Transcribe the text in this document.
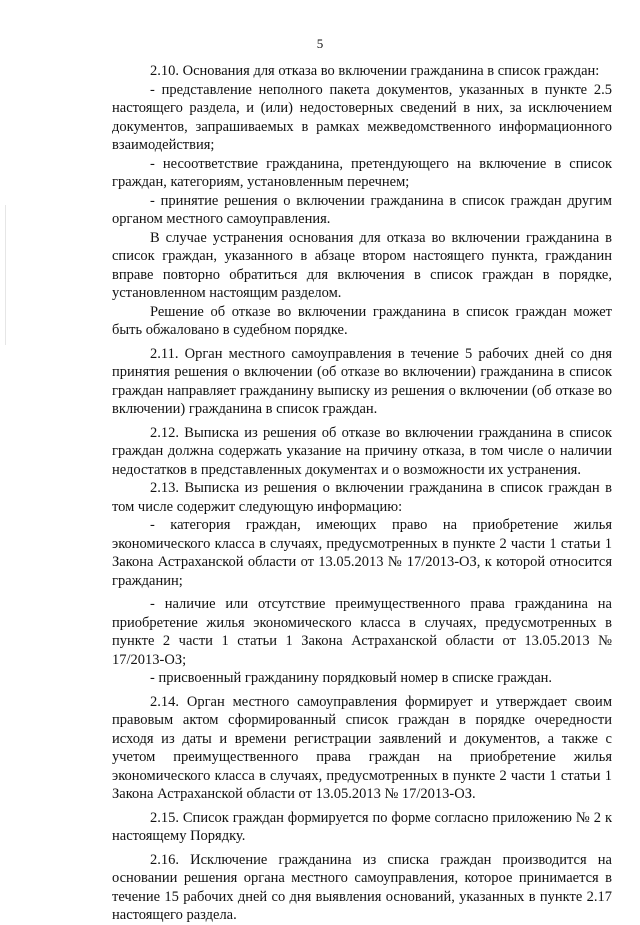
5

2.10. Основания для отказа во включении гражданина в список граждан:

- представление неполного пакета документов, указанных в пункте 2.5 настоящего раздела, и (или) недостоверных сведений в них, за исключением документов, запрашиваемых в рамках межведомственного информационного взаимодействия;

- несоответствие гражданина, претендующего на включение в список граждан, категориям, установленным перечнем;

- принятие решения о включении гражданина в список граждан другим органом местного самоуправления.

В случае устранения основания для отказа во включении гражданина в список граждан, указанного в абзаце втором настоящего пункта, гражданин вправе повторно обратиться для включения в список граждан в порядке, установленном настоящим разделом.

Решение об отказе во включении гражданина в список граждан может быть обжаловано в судебном порядке.

2.11. Орган местного самоуправления в течение 5 рабочих дней со дня принятия решения о включении (об отказе во включении) гражданина в список граждан направляет гражданину выписку из решения о включении (об отказе во включении) гражданина в список граждан.

2.12. Выписка из решения об отказе во включении гражданина в список граждан должна содержать указание на причину отказа, в том числе о наличии недостатков в представленных документах и о возможности их устранения.

2.13. Выписка из решения о включении гражданина в список граждан в том числе содержит следующую информацию:

- категория граждан, имеющих право на приобретение жилья экономического класса в случаях, предусмотренных в пункте 2 части 1 статьи 1 Закона Астраханской области от 13.05.2013 № 17/2013-ОЗ, к которой относится гражданин;

- наличие или отсутствие преимущественного права гражданина на приобретение жилья экономического класса в случаях, предусмотренных в пункте 2 части 1 статьи 1 Закона Астраханской области от 13.05.2013 № 17/2013-ОЗ;

- присвоенный гражданину порядковый номер в списке граждан.

2.14. Орган местного самоуправления формирует и утверждает своим правовым актом сформированный список граждан в порядке очередности исходя из даты и времени регистрации заявлений и документов, а также с учетом преимущественного права граждан на приобретение жилья экономического класса в случаях, предусмотренных в пункте 2 части 1 статьи 1 Закона Астраханской области от 13.05.2013 № 17/2013-ОЗ.

2.15. Список граждан формируется по форме согласно приложению № 2 к настоящему Порядку.

2.16. Исключение гражданина из списка граждан производится на основании решения органа местного самоуправления, которое принимается в течение 15 рабочих дней со дня выявления оснований, указанных в пункте 2.17 настоящего раздела.
